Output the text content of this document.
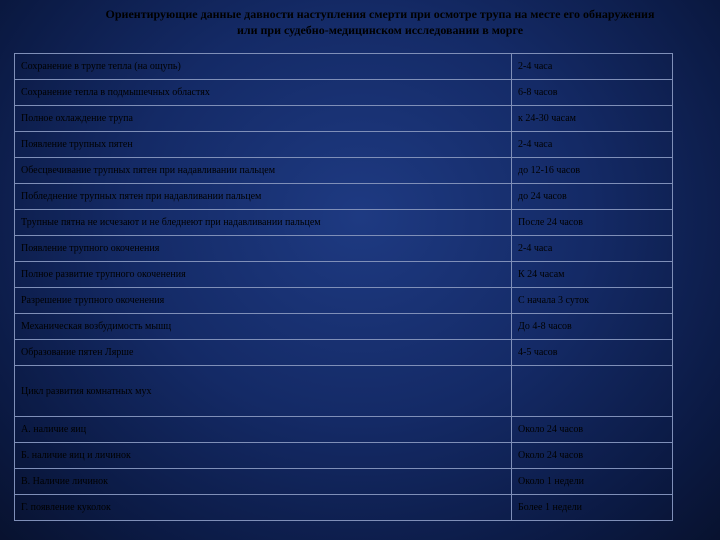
Ориентирующие данные давности наступления смерти при осмотре трупа на месте его обнаружения
или при судебно-медицинском исследовании в морге
Сохранение в трупе тепла (на ощупь)	2-4 часа
Сохранение тепла в подмышечных областях	6-8 часов
Полное охлаждение трупа	к 24-30 часам
Появление трупных пятен	2-4 часа
Обесцвечивание трупных пятен при надавливании пальцем	до 12-16 часов
Побледнение трупных пятен при надавливании пальцем	до 24 часов
Трупные пятна не исчезают и не бледнеют при надавливании пальцем	После 24 часов
Появление трупного окоченения	2-4 часа
Полное развитие трупного окоченения	К 24 часам
Разрешение трупного окоченения	С начала 3 суток
Механическая возбудимость мышц	До 4-8 часов
Образование пятен Лярше	4-5 часов
Цикл развития комнатных мух	
А. наличие яиц	Около 24 часов
Б. наличие яиц и личинок	Около 24 часов
В. Наличие личинок	Около 1 недели
Г. появление куколок	Более 1 недели
